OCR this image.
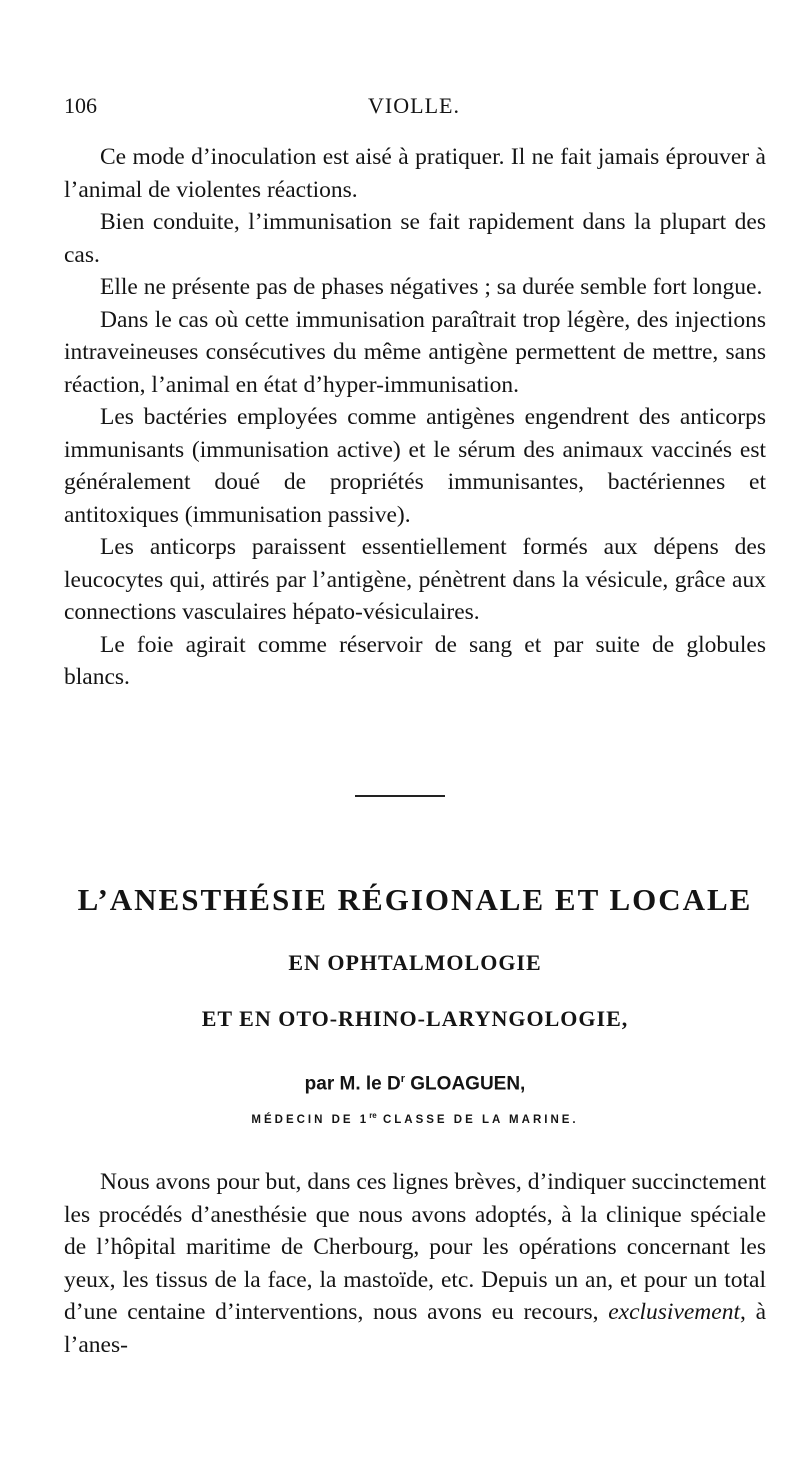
106	VIOLLE.

Ce mode d’inoculation est aisé à pratiquer. Il ne fait jamais éprouver à l’animal de violentes réactions.

Bien conduite, l’immunisation se fait rapidement dans la plupart des cas.

Elle ne présente pas de phases négatives ; sa durée semble fort longue.

Dans le cas où cette immunisation paraîtrait trop légère, des injections intraveineuses consécutives du même antigène permettent de mettre, sans réaction, l’animal en état d’hyper-immunisation.

Les bactéries employées comme antigènes engendrent des anticorps immunisants (immunisation active) et le sérum des animaux vaccinés est généralement doué de propriétés immunisantes, bactériennes et antitoxiques (immunisation passive).

Les anticorps paraissent essentiellement formés aux dépens des leucocytes qui, attirés par l’antigène, pénètrent dans la vésicule, grâce aux connections vasculaires hépato-vésiculaires.

Le foie agirait comme réservoir de sang et par suite de globules blancs.

L’ANESTHÉSIE RÉGIONALE ET LOCALE
EN OPHTALMOLOGIE
ET EN OTO-RHINO-LARYNGOLOGIE,
par M. le $D^r$ GLOAGUEN,
MÉDECIN DE 1re CLASSE DE LA MARINE.

Nous avons pour but, dans ces lignes brèves, d’indiquer succinctement les procédés d’anesthésie que nous avons adoptés, à la clinique spéciale de l’hôpital maritime de Cherbourg, pour les opérations concernant les yeux, les tissus de la face, la mastoïde, etc. Depuis un an, et pour un total d’une centaine d’interventions, nous avons eu recours, exclusivement, à l’anes-
